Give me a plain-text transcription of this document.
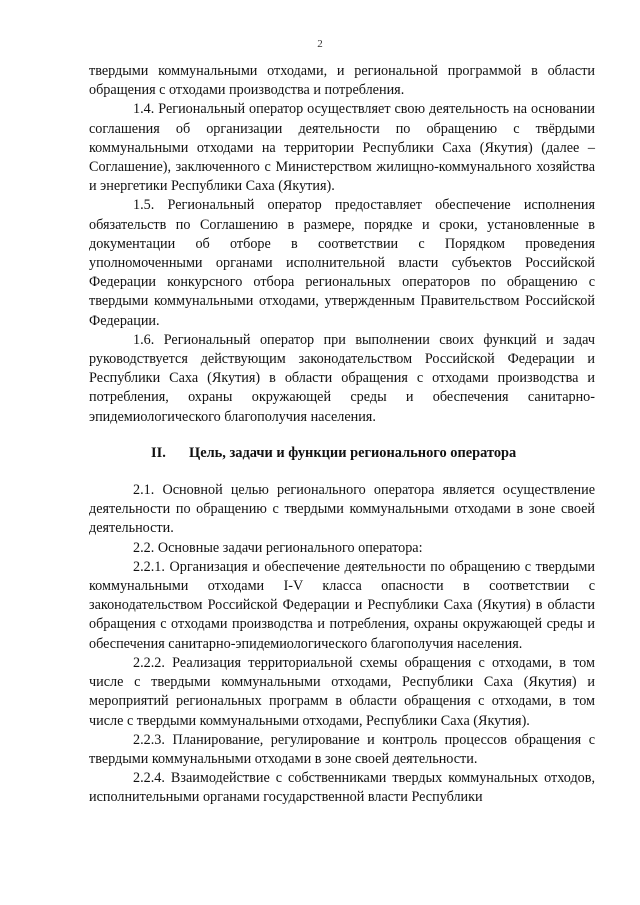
2

твердыми коммунальными отходами, и региональной программой в области обращения с отходами производства и потребления.

1.4. Региональный оператор осуществляет свою деятельность на основании соглашения об организации деятельности по обращению с твёрдыми коммунальными отходами на территории Республики Саха (Якутия) (далее – Соглашение), заключенного с Министерством жилищно-коммунального хозяйства и энергетики Республики Саха (Якутия).

1.5. Региональный оператор предоставляет обеспечение исполнения обязательств по Соглашению в размере, порядке и сроки, установленные в документации об отборе в соответствии с Порядком проведения уполномоченными органами исполнительной власти субъектов Российской Федерации конкурсного отбора региональных операторов по обращению с твердыми коммунальными отходами, утвержденным Правительством Российской Федерации.

1.6. Региональный оператор при выполнении своих функций и задач руководствуется действующим законодательством Российской Федерации и Республики Саха (Якутия) в области обращения с отходами производства и потребления, охраны окружающей среды и обеспечения санитарно-эпидемиологического благополучия населения.

II. Цель, задачи и функции регионального оператора

2.1. Основной целью регионального оператора является осуществление деятельности по обращению с твердыми коммунальными отходами в зоне своей деятельности.

2.2. Основные задачи регионального оператора:

2.2.1. Организация и обеспечение деятельности по обращению с твердыми коммунальными отходами I-V класса опасности в соответствии с законодательством Российской Федерации и Республики Саха (Якутия) в области обращения с отходами производства и потребления, охраны окружающей среды и обеспечения санитарно-эпидемиологического благополучия населения.

2.2.2. Реализация территориальной схемы обращения с отходами, в том числе с твердыми коммунальными отходами, Республики Саха (Якутия) и мероприятий региональных программ в области обращения с отходами, в том числе с твердыми коммунальными отходами, Республики Саха (Якутия).

2.2.3. Планирование, регулирование и контроль процессов обращения с твердыми коммунальными отходами в зоне своей деятельности.

2.2.4. Взаимодействие с собственниками твердых коммунальных отходов, исполнительными органами государственной власти Республики
